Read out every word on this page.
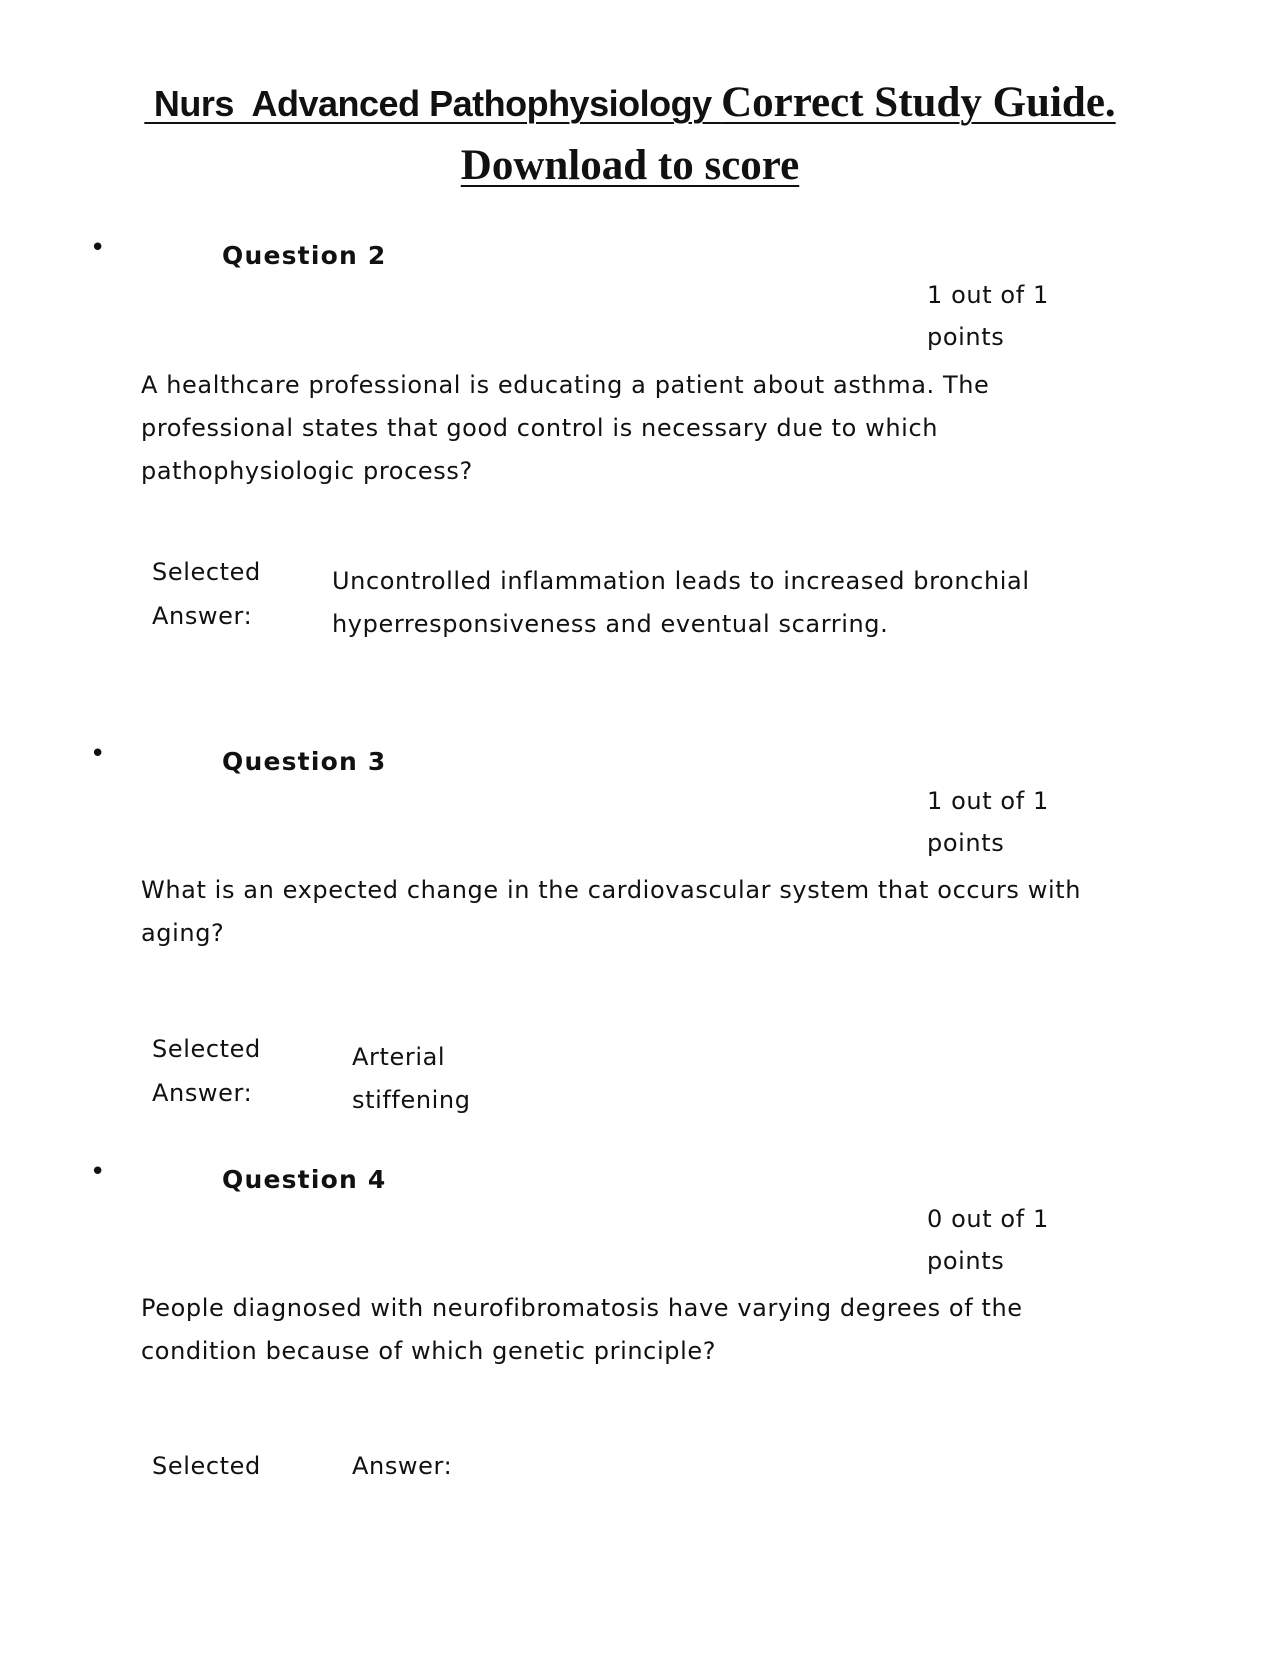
Nurs  Advanced Pathophysiology Correct Study Guide.
Download to score
•	Question 2
1 out of 1
points
A healthcare professional is educating a patient about asthma. The professional states that good control is necessary due to which pathophysiologic process?
Selected Answer:
Uncontrolled inflammation leads to increased bronchial hyperresponsiveness and eventual scarring.
•	Question 3
1 out of 1
points
What is an expected change in the cardiovascular system that occurs with aging?
Selected Answer:
Arterial stiffening
•	Question 4
0 out of 1
points
People diagnosed with neurofibromatosis have varying degrees of the condition because of which genetic principle?
Selected	Answer:
